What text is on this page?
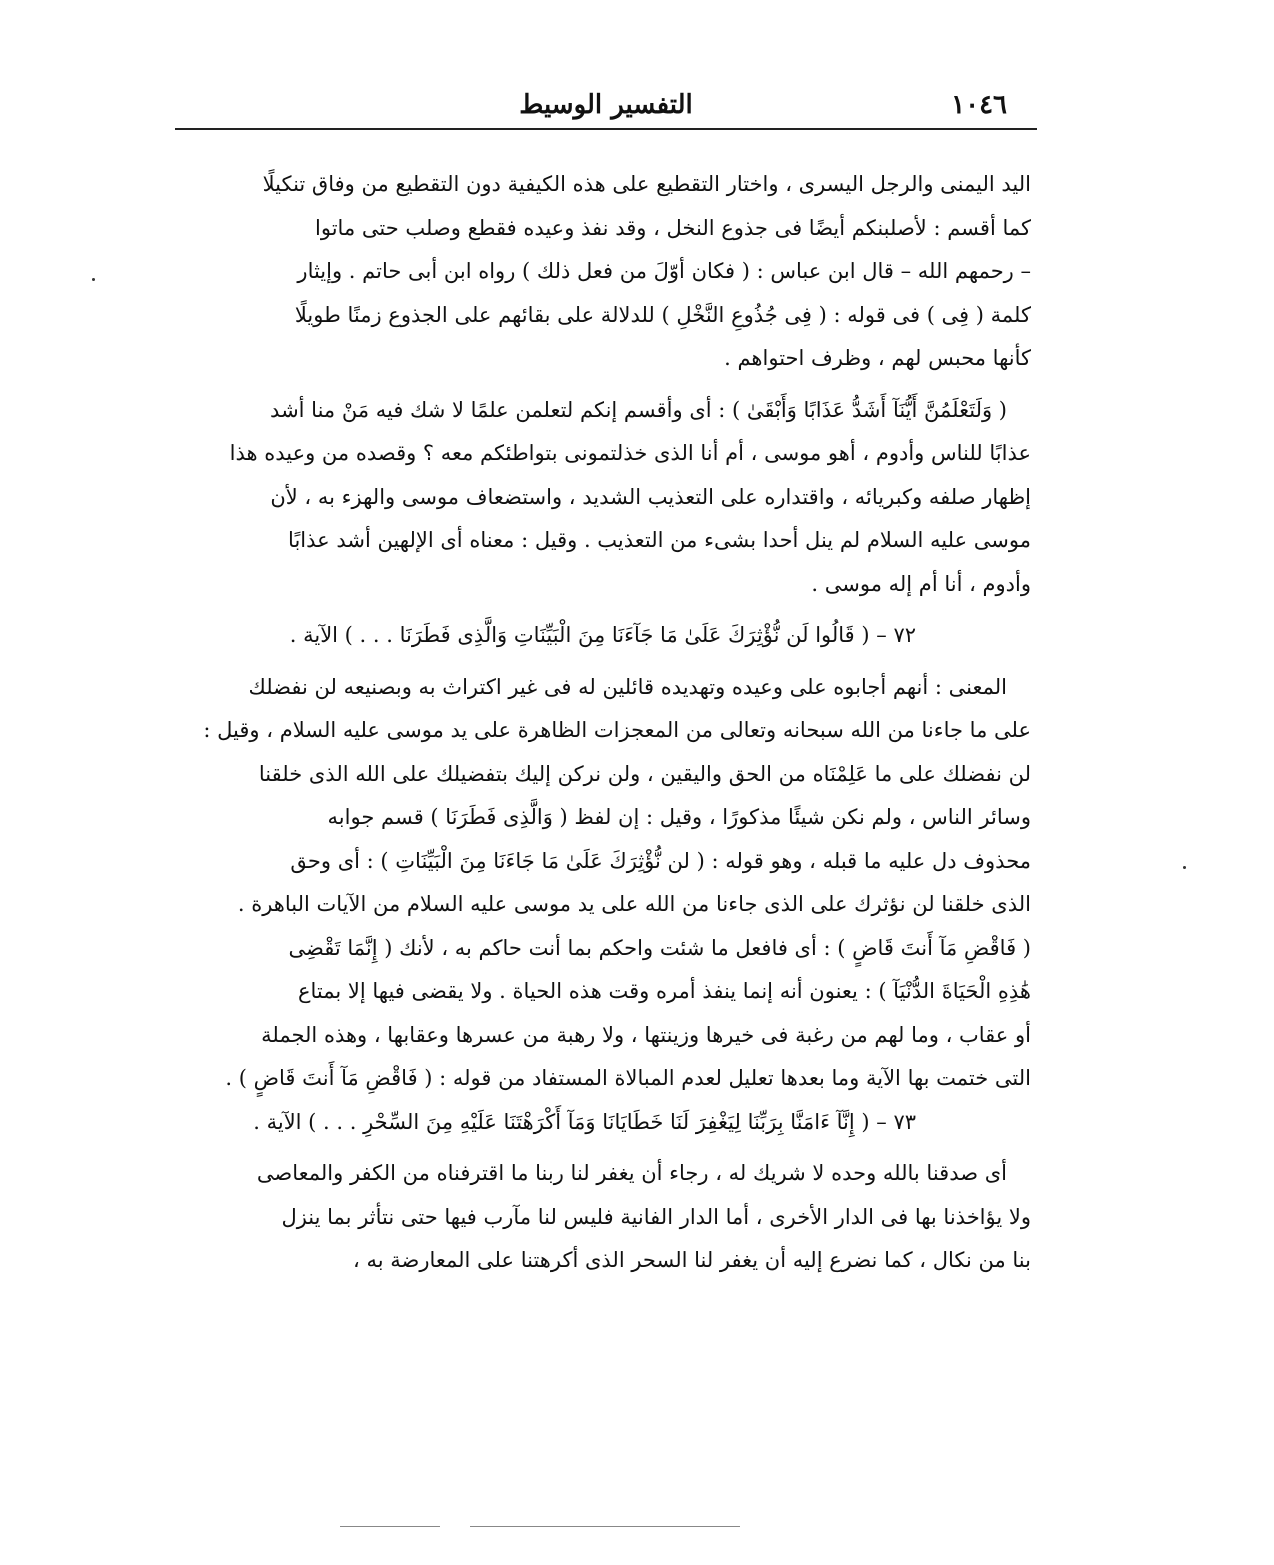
١٠٤٦
التفسير الوسيط
اليد اليمنى والرجل اليسرى ، واختار التقطيع على هذه الكيفية دون التقطيع من وفاق تنكيلًا
كما أقسم : لأصلبنكم أيضًا فى جذوع النخل ، وقد نفذ وعيده فقطع وصلب حتى ماتوا
– رحمهم الله – قال ابن عباس : ( فكان أوّلَ من فعل ذلك ) رواه ابن أبى حاتم . وإيثار
كلمة ( فِى ) فى قوله : ( فِى جُذُوعِ النَّخْلِ ) للدلالة على بقائهم على الجذوع زمنًا طويلًا
كأنها محبس لهم ، وظرف احتواهم .
( وَلَتَعْلَمُنَّ أَيُّنَآ أَشَدُّ عَذَابًا وَأَبْقَىٰ ) : أى وأقسم إنكم لتعلمن علمًا لا شك فيه مَنْ منا أشد
عذابًا للناس وأدوم ، أهو موسى ، أم أنا الذى خذلتمونى بتواطئكم معه ؟ وقصده من وعيده هذا
إظهار صلفه وكبريائه ، واقتداره على التعذيب الشديد ، واستضعاف موسى والهزء به ، لأن
موسى عليه السلام لم ينل أحدا بشىء من التعذيب . وقيل : معناه أى الإلهين أشد عذابًا
وأدوم ، أنا أم إله موسى .
٧٢ – ( قَالُوا لَن نُّؤْثِرَكَ عَلَىٰ مَا جَآءَنَا مِنَ الْبَيِّنَاتِ وَالَّذِى فَطَرَنَا . . . ) الآية .
المعنى : أنهم أجابوه على وعيده وتهديده قائلين له فى غير اكتراث به وبصنيعه لن نفضلك
على ما جاءنا من الله سبحانه وتعالى من المعجزات الظاهرة على يد موسى عليه السلام ، وقيل :
لن نفضلك على ما عَلِمْنَاه من الحق واليقين ، ولن نركن إليك بتفضيلك على الله الذى خلقنا
وسائر الناس ، ولم نكن شيئًا مذكورًا ، وقيل : إن لفظ ( وَالَّذِى فَطَرَنَا ) قسم جوابه
محذوف دل عليه ما قبله ، وهو قوله : ( لن نُّؤْثِرَكَ عَلَىٰ مَا جَاءَنَا مِنَ الْبَيِّنَاتِ ) : أى وحق
الذى خلقنا لن نؤثرك على الذى جاءنا من الله على يد موسى عليه السلام من الآيات الباهرة .
( فَاقْضِ مَآ أَنتَ قَاضٍ ) : أى فافعل ما شئت واحكم بما أنت حاكم به ، لأنك ( إِنَّمَا تَقْضِى
هَٰذِهِ الْحَيَاةَ الدُّنْيَآ ) : يعنون أنه إنما ينفذ أمره وقت هذه الحياة . ولا يقضى فيها إلا بمتاع
أو عقاب ، وما لهم من رغبة فى خيرها وزينتها ، ولا رهبة من عسرها وعقابها ، وهذه الجملة
التى ختمت بها الآية وما بعدها تعليل لعدم المبالاة المستفاد من قوله : ( فَاقْضِ مَآ أَنتَ قَاضٍ ) .
٧٣ – ( إِنَّآ ءَامَنَّا بِرَبِّنَا لِيَغْفِرَ لَنَا خَطَايَانَا وَمَآ أَكْرَهْتَنَا عَلَيْهِ مِنَ السِّحْرِ . . . ) الآية .
أى صدقنا بالله وحده لا شريك له ، رجاء أن يغفر لنا ربنا ما اقترفناه من الكفر والمعاصى
ولا يؤاخذنا بها فى الدار الأخرى ، أما الدار الفانية فليس لنا مآرب فيها حتى نتأثر بما ينزل
بنا من نكال ، كما نضرع إليه أن يغفر لنا السحر الذى أكرهتنا على المعارضة به ،
